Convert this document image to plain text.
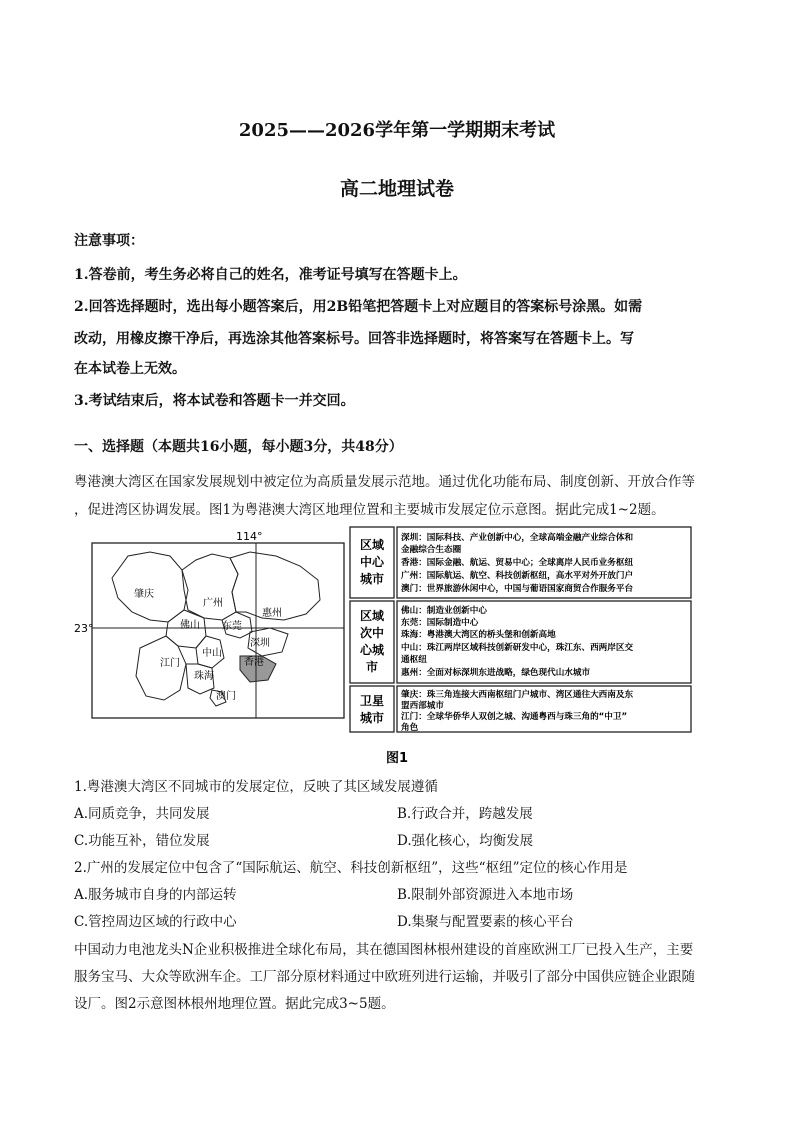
2025——2026学年第一学期期末考试
高二地理试卷
注意事项：
1.答卷前，考生务必将自己的姓名，准考证号填写在答题卡上。
2.回答选择题时，选出每小题答案后，用2B铅笔把答题卡上对应题目的答案标号涂黑。如需
改动，用橡皮擦干净后，再选涂其他答案标号。回答非选择题时，将答案写在答题卡上。写
在本试卷上无效。
3.考试结束后，将本试卷和答题卡一并交回。
一、选择题（本题共16小题，每小题3分，共48分）
粤港澳大湾区在国家发展规划中被定位为高质量发展示范地。通过优化功能布局、制度创新、开放合作等
，促进湾区协调发展。图1为粤港澳大湾区地理位置和主要城市发展定位示意图。据此完成1~2题。
114°
23°
肇庆
广州
惠州
佛山 东莞
深圳
江门
中山
珠海
香港
澳门
区域
中心
城市
深圳：国际科技、产业创新中心，全球高端金融产业综合体和
金融综合生态圈
香港：国际金融、航运、贸易中心；全球离岸人民币业务枢纽
广州：国际航运、航空、科技创新枢纽，高水平对外开放门户
澳门：世界旅游休闲中心，中国与葡语国家商贸合作服务平台
区域
次中
心城
市
佛山：制造业创新中心
东莞：国际制造中心
珠海：粤港澳大湾区的桥头堡和创新高地
中山：珠江两岸区域科技创新研发中心，珠江东、西两岸区交
通枢纽
惠州：全面对标深圳东进战略，绿色现代山水城市
卫星
城市
肇庆：珠三角连接大西南枢纽门户城市、湾区通往大西南及东
盟西部城市
江门：全球华侨华人双创之城、沟通粤西与珠三角的“中卫”
角色
图1
1.粤港澳大湾区不同城市的发展定位，反映了其区域发展遵循
A.同质竞争，共同发展	B.行政合并，跨越发展
C.功能互补，错位发展	D.强化核心，均衡发展
2.广州的发展定位中包含了“国际航运、航空、科技创新枢纽”，这些“枢纽”定位的核心作用是
A.服务城市自身的内部运转	B.限制外部资源进入本地市场
C.管控周边区域的行政中心	D.集聚与配置要素的核心平台
中国动力电池龙头N企业积极推进全球化布局，其在德国图林根州建设的首座欧洲工厂已投入生产，主要
服务宝马、大众等欧洲车企。工厂部分原材料通过中欧班列进行运输，并吸引了部分中国供应链企业跟随
设厂。图2示意图林根州地理位置。据此完成3~5题。
